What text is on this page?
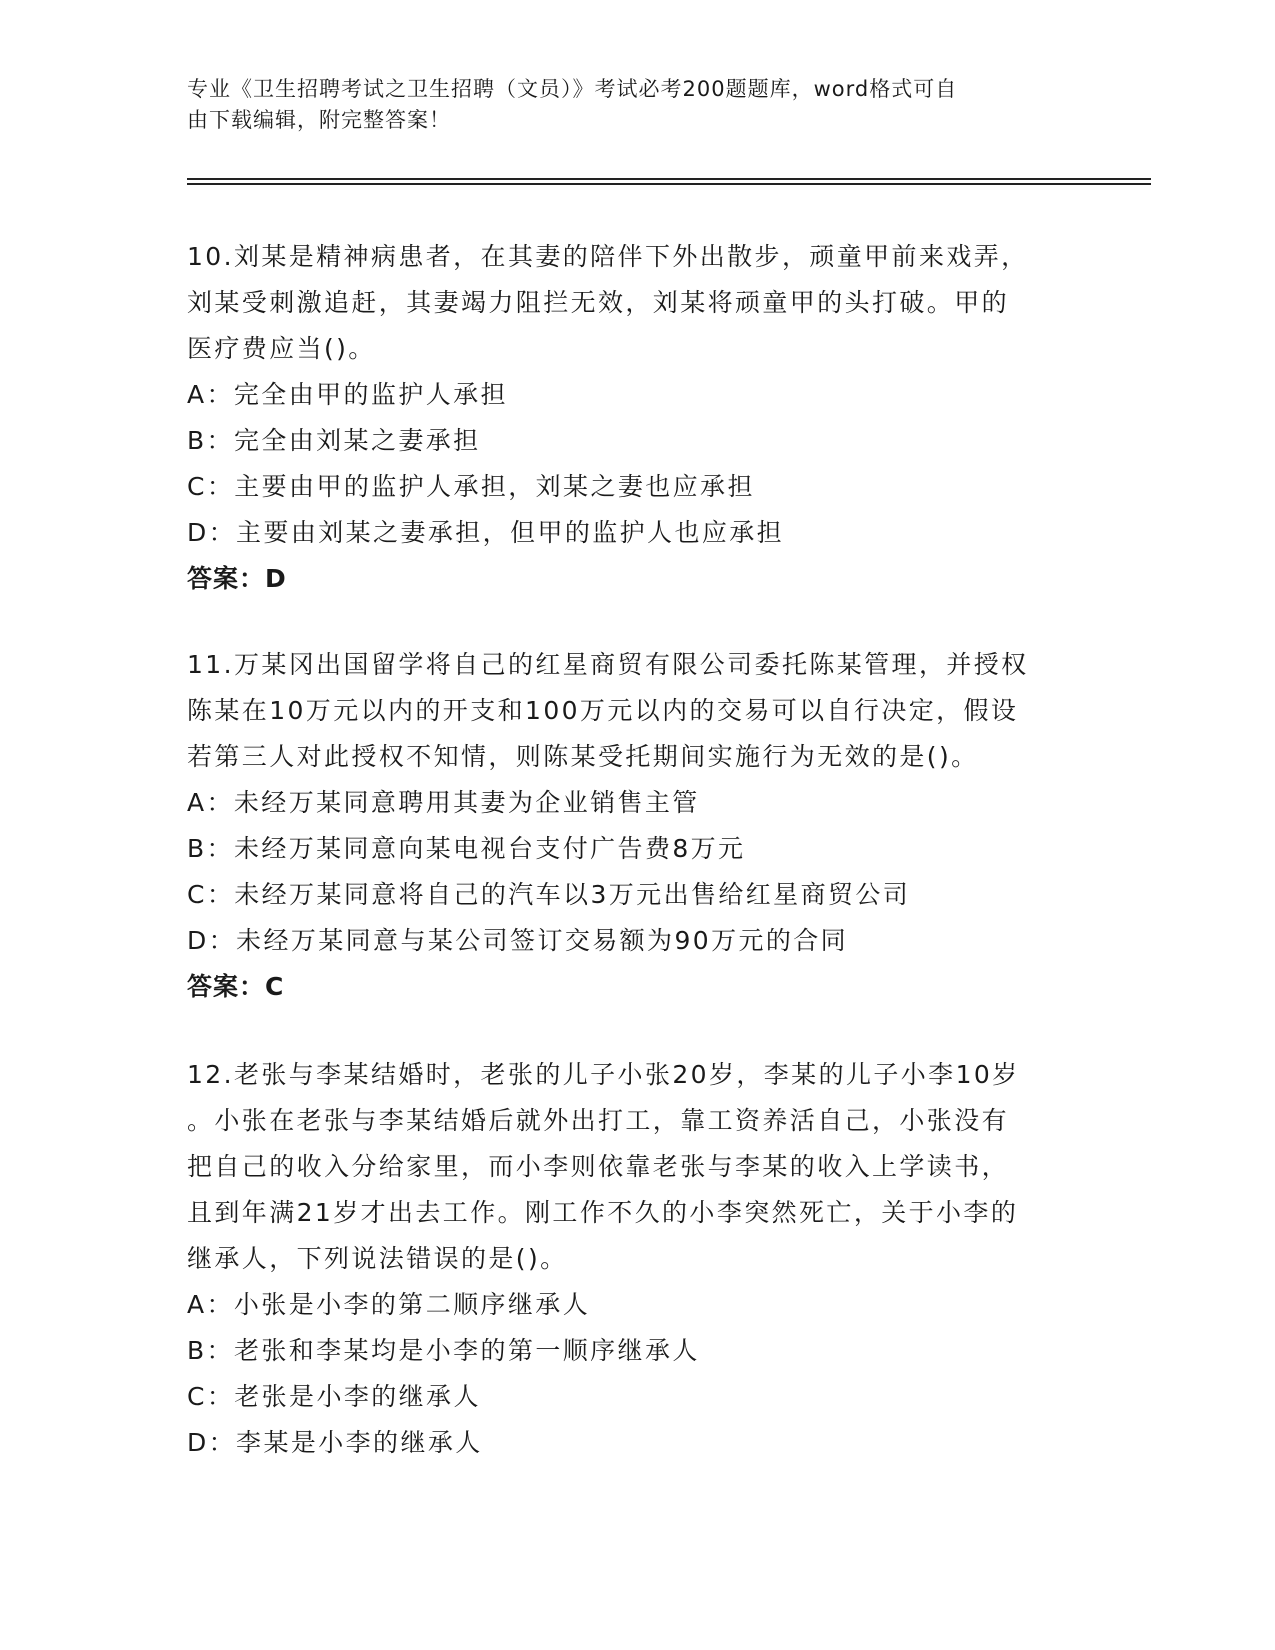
专业《卫生招聘考试之卫生招聘（文员）》考试必考200题题库，word格式可自
由下载编辑，附完整答案！

10.刘某是精神病患者，在其妻的陪伴下外出散步，顽童甲前来戏弄，

刘某受刺激追赶，其妻竭力阻拦无效，刘某将顽童甲的头打破。甲的

医疗费应当()。

A：完全由甲的监护人承担

B：完全由刘某之妻承担

C：主要由甲的监护人承担，刘某之妻也应承担

D：主要由刘某之妻承担，但甲的监护人也应承担

答案：D

11.万某冈出国留学将自己的红星商贸有限公司委托陈某管理，并授权

陈某在10万元以内的开支和100万元以内的交易可以自行决定，假设

若第三人对此授权不知情，则陈某受托期间实施行为无效的是()。

A：未经万某同意聘用其妻为企业销售主管

B：未经万某同意向某电视台支付广告费8万元

C：未经万某同意将自己的汽车以3万元出售给红星商贸公司

D：未经万某同意与某公司签订交易额为90万元的合同

答案：C

12.老张与李某结婚时，老张的儿子小张20岁，李某的儿子小李10岁

。小张在老张与李某结婚后就外出打工，靠工资养活自己，小张没有

把自己的收入分给家里，而小李则依靠老张与李某的收入上学读书，

且到年满21岁才出去工作。刚工作不久的小李突然死亡，关于小李的

继承人，下列说法错误的是()。

A：小张是小李的第二顺序继承人

B：老张和李某均是小李的第一顺序继承人

C：老张是小李的继承人

D：李某是小李的继承人
